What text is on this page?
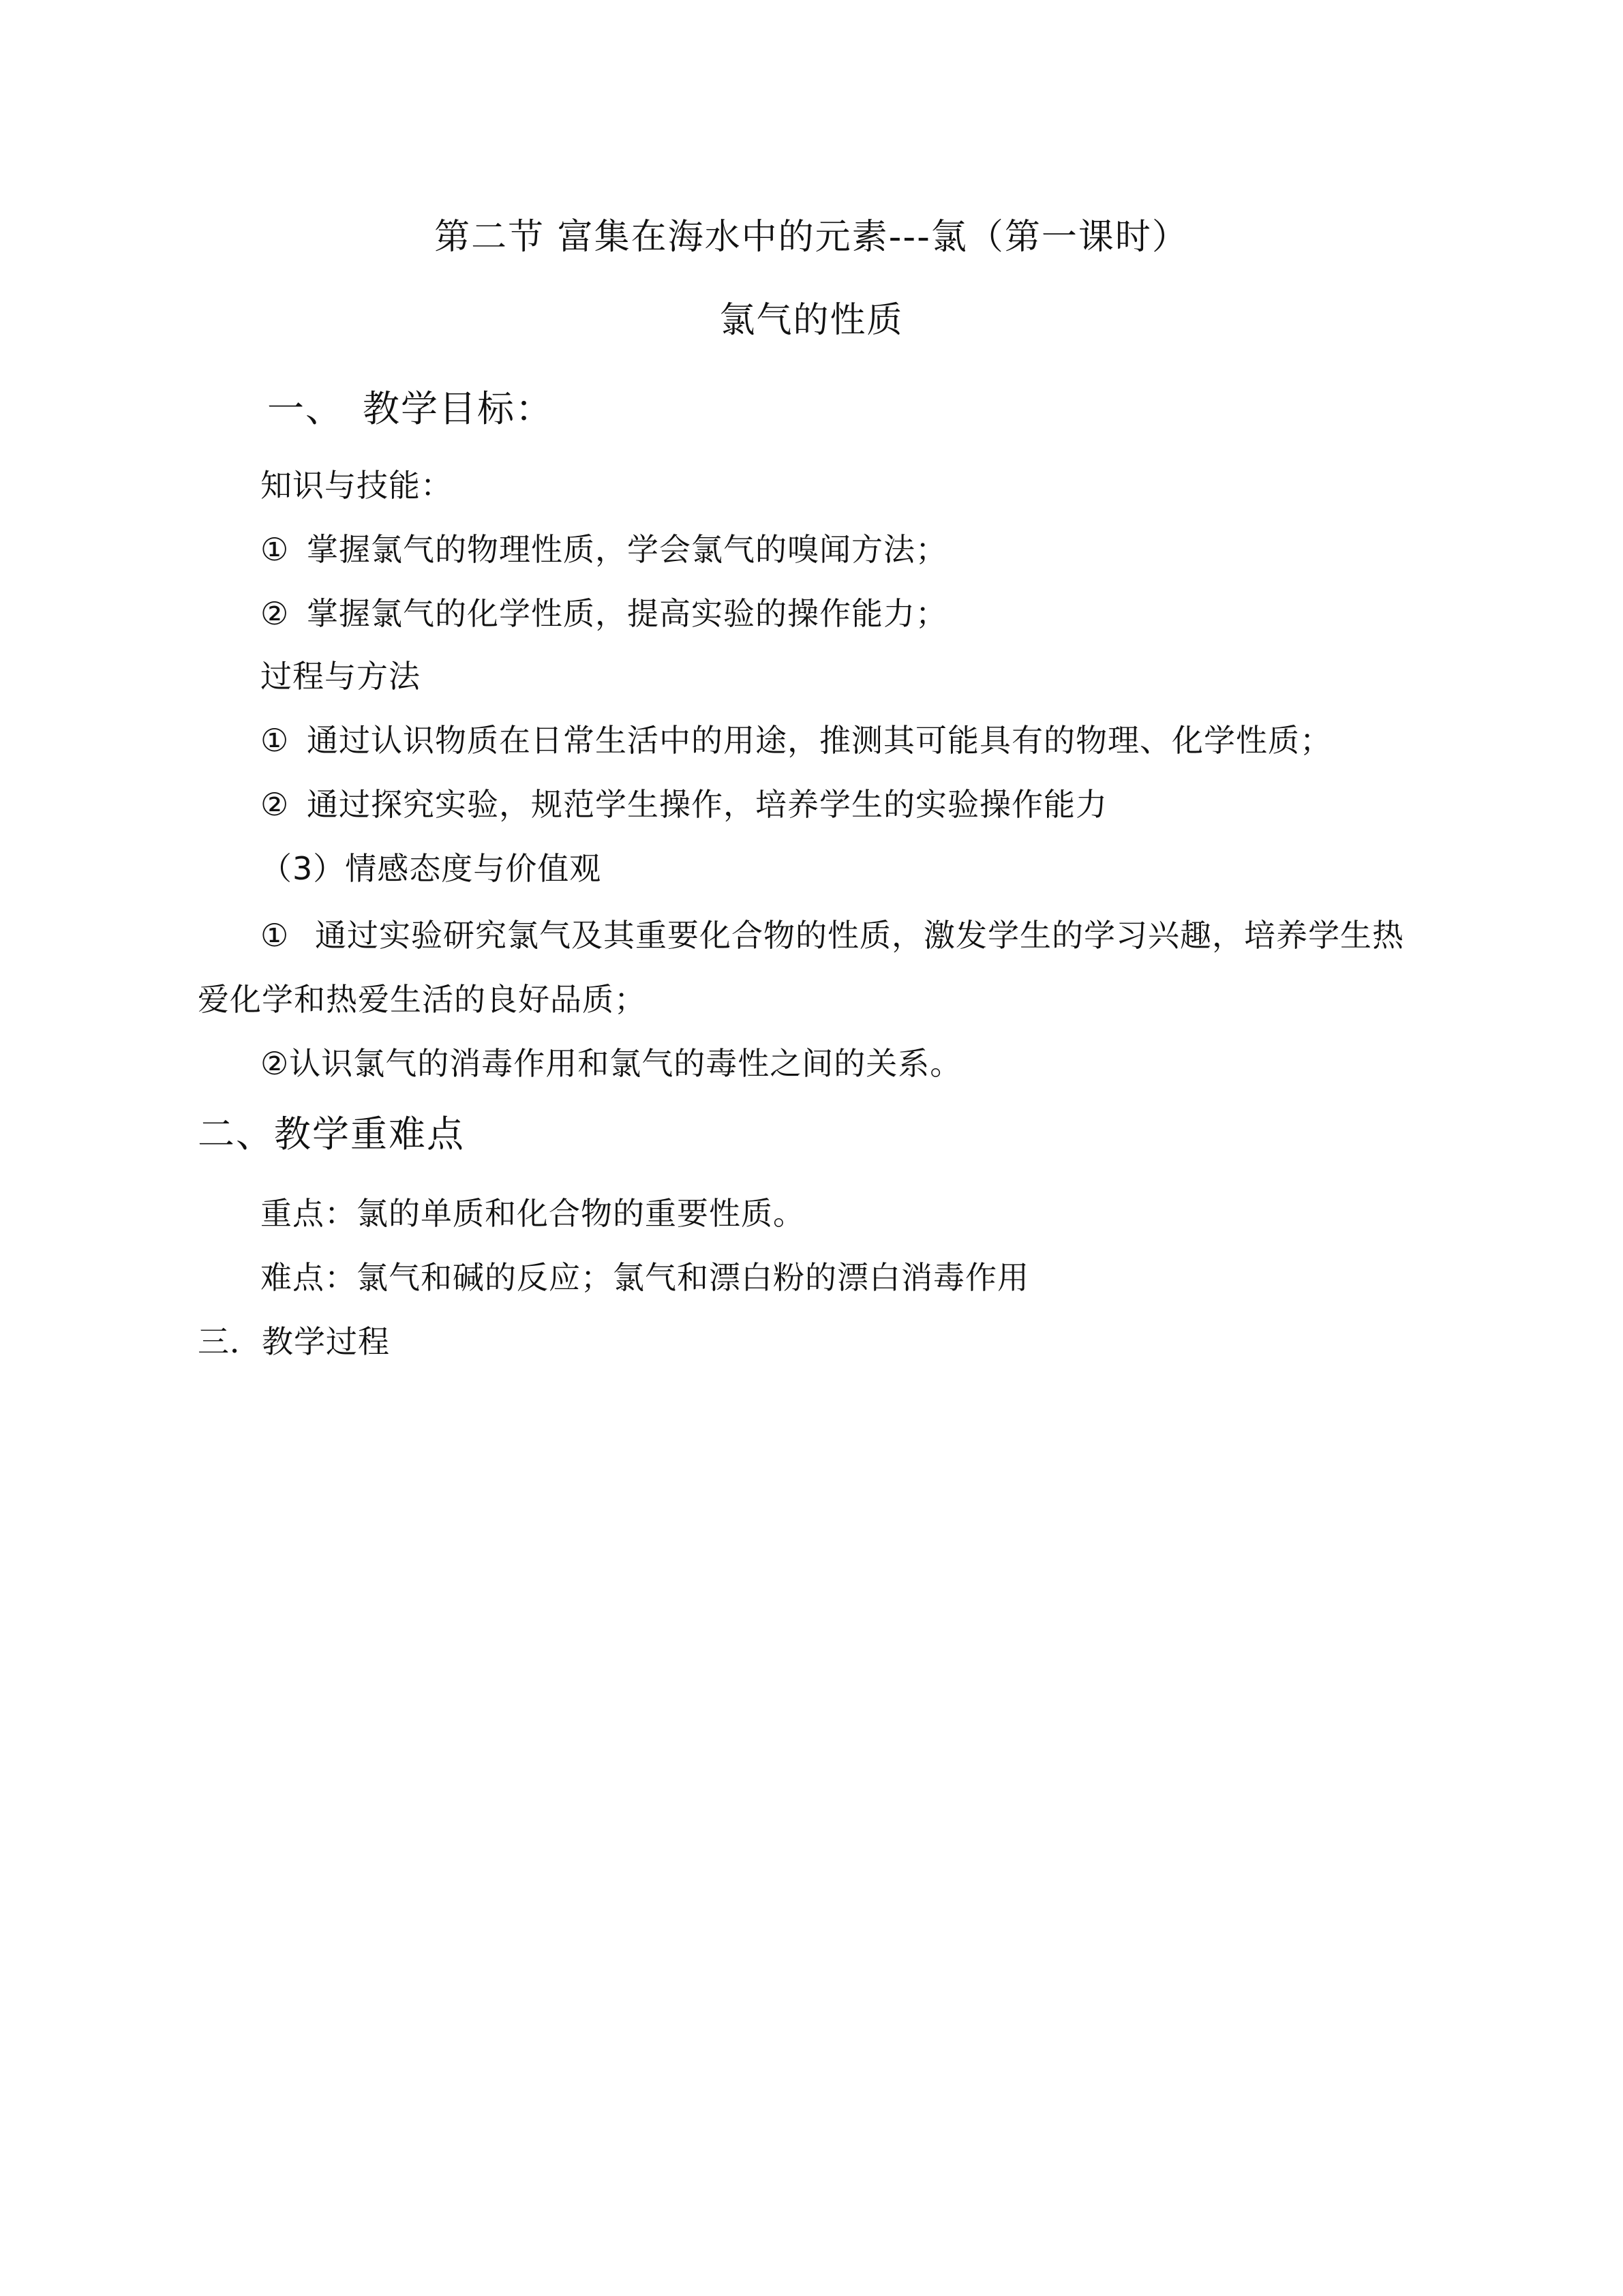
第二节 富集在海水中的元素---氯（第一课时）
氯气的性质
一、 教学目标：
知识与技能：
① 掌握氯气的物理性质，学会氯气的嗅闻方法；
② 掌握氯气的化学性质，提高实验的操作能力；
过程与方法
① 通过认识物质在日常生活中的用途，推测其可能具有的物理、化学性质；
② 通过探究实验，规范学生操作，培养学生的实验操作能力
（3）情感态度与价值观
① 通过实验研究氯气及其重要化合物的性质，激发学生的学习兴趣，培养学生热
爱化学和热爱生活的良好品质；
②认识氯气的消毒作用和氯气的毒性之间的关系。
二、教学重难点
重点：氯的单质和化合物的重要性质。
难点：氯气和碱的反应；氯气和漂白粉的漂白消毒作用
三．教学过程
